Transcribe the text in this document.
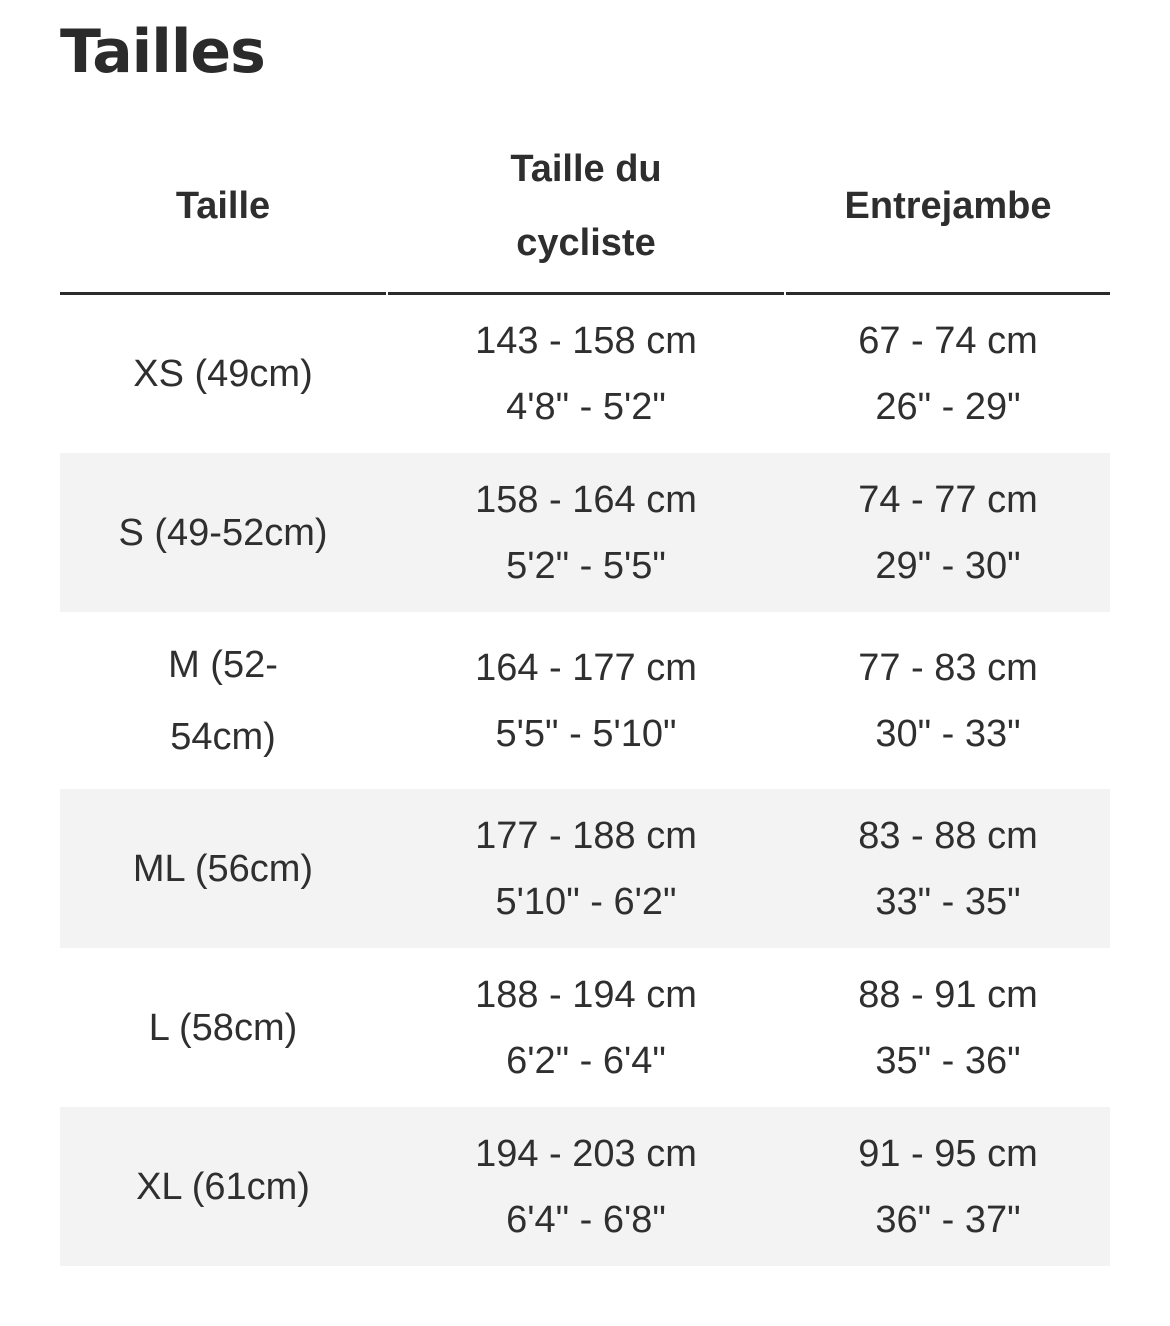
Tailles
Taille
Taille du
cycliste
Entrejambe
XS (49cm)
143 - 158 cm
4'8" - 5'2"
67 - 74 cm
26" - 29"
S (49-52cm)
158 - 164 cm
5'2" - 5'5"
74 - 77 cm
29" - 30"
M (52-
54cm)
164 - 177 cm
5'5" - 5'10"
77 - 83 cm
30" - 33"
ML (56cm)
177 - 188 cm
5'10" - 6'2"
83 - 88 cm
33" - 35"
L (58cm)
188 - 194 cm
6'2" - 6'4"
88 - 91 cm
35" - 36"
XL (61cm)
194 - 203 cm
6'4" - 6'8"
91 - 95 cm
36" - 37"
